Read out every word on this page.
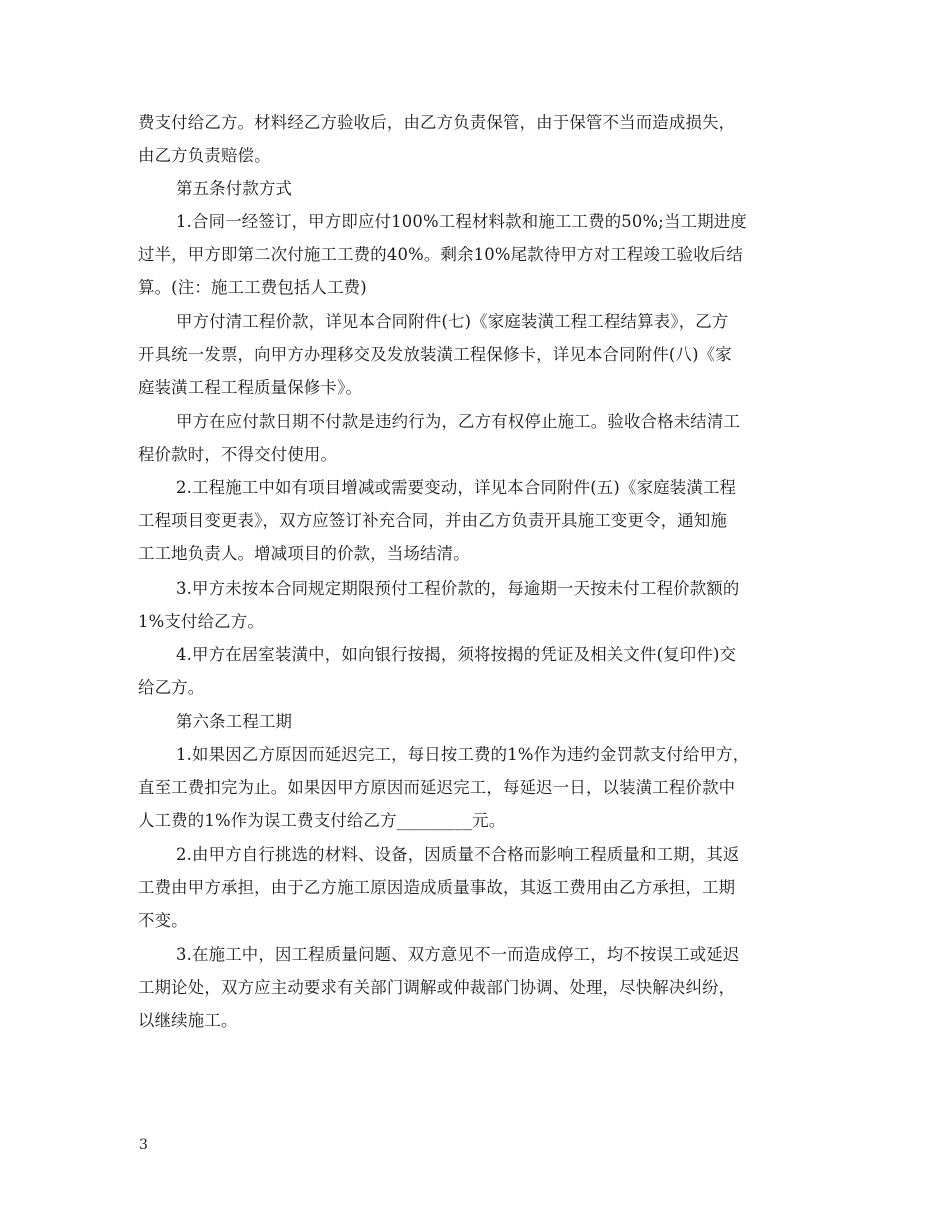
费支付给乙方。材料经乙方验收后，由乙方负责保管，由于保管不当而造成损失，
由乙方负责赔偿。
第五条付款方式
1.合同一经签订，甲方即应付100%工程材料款和施工工费的50%;当工期进度
过半，甲方即第二次付施工工费的40%。剩余10%尾款待甲方对工程竣工验收后结
算。(注：施工工费包括人工费)
甲方付清工程价款，详见本合同附件(七)《家庭装潢工程工程结算表》，乙方
开具统一发票，向甲方办理移交及发放装潢工程保修卡，详见本合同附件(八)《家
庭装潢工程工程质量保修卡》。
甲方在应付款日期不付款是违约行为，乙方有权停止施工。验收合格未结清工
程价款时，不得交付使用。
2.工程施工中如有项目增减或需要变动，详见本合同附件(五)《家庭装潢工程
工程项目变更表》，双方应签订补充合同，并由乙方负责开具施工变更令，通知施
工工地负责人。增减项目的价款，当场结清。
3.甲方未按本合同规定期限预付工程价款的，每逾期一天按未付工程价款额的
1%支付给乙方。
4.甲方在居室装潢中，如向银行按揭，须将按揭的凭证及相关文件(复印件)交
给乙方。
第六条工程工期
1.如果因乙方原因而延迟完工，每日按工费的1%作为违约金罚款支付给甲方，
直至工费扣完为止。如果因甲方原因而延迟完工，每延迟一日，以装潢工程价款中
人工费的1%作为误工费支付给乙方_________元。
2.由甲方自行挑选的材料、设备，因质量不合格而影响工程质量和工期，其返
工费由甲方承担，由于乙方施工原因造成质量事故，其返工费用由乙方承担，工期
不变。
3.在施工中，因工程质量问题、双方意见不一而造成停工，均不按误工或延迟
工期论处，双方应主动要求有关部门调解或仲裁部门协调、处理，尽快解决纠纷，
以继续施工。
3
